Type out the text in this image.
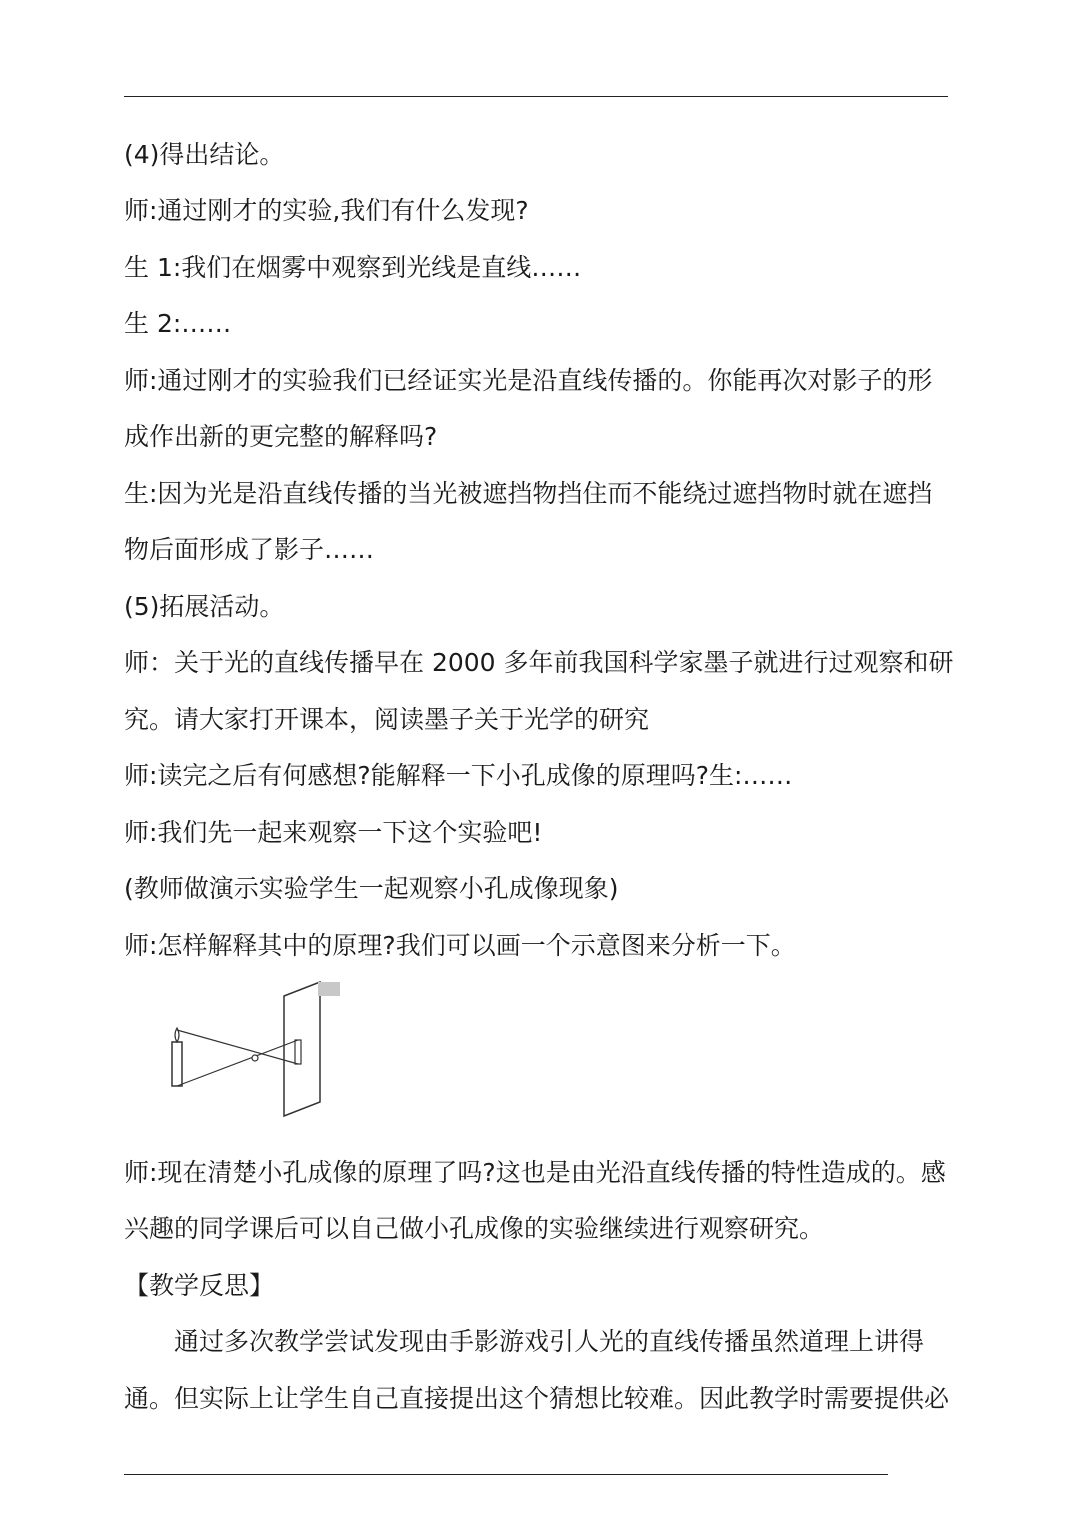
(4)得出结论。
师:通过刚才的实验,我们有什么发现?
生 1:我们在烟雾中观察到光线是直线……
生 2:……
师:通过刚才的实验我们已经证实光是沿直线传播的。你能再次对影子的形
成作出新的更完整的解释吗?
生:因为光是沿直线传播的当光被遮挡物挡住而不能绕过遮挡物时就在遮挡
物后面形成了影子……
(5)拓展活动。
师：关于光的直线传播早在 2000 多年前我国科学家墨子就进行过观察和研
究。请大家打开课本，阅读墨子关于光学的研究
师:读完之后有何感想?能解释一下小孔成像的原理吗?生:……
师:我们先一起来观察一下这个实验吧!
(教师做演示实验学生一起观察小孔成像现象)
师:怎样解释其中的原理?我们可以画一个示意图来分析一下。
师:现在清楚小孔成像的原理了吗?这也是由光沿直线传播的特性造成的。感
兴趣的同学课后可以自己做小孔成像的实验继续进行观察研究。
【教学反思】
通过多次教学尝试发现由手影游戏引人光的直线传播虽然道理上讲得
通。但实际上让学生自己直接提出这个猜想比较难。因此教学时需要提供必
